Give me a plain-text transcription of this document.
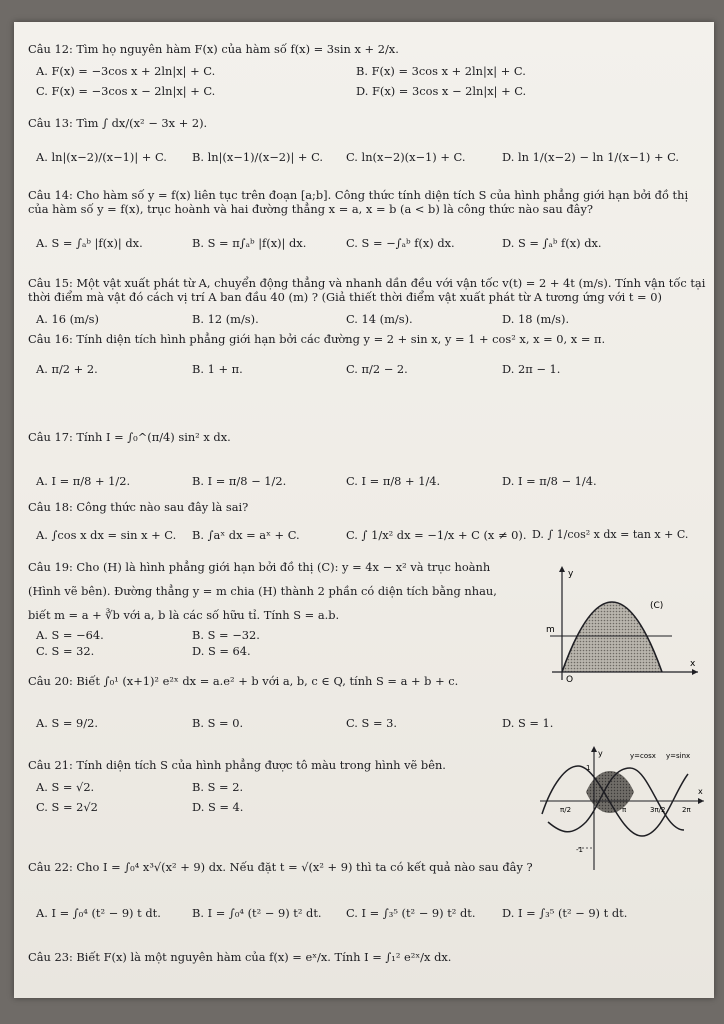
Câu 12: Tìm họ nguyên hàm F(x) của hàm số f(x) = 3sin x + 2/x.
A. F(x) = −3cos x + 2ln|x| + C.	B. F(x) = 3cos x + 2ln|x| + C.
C. F(x) = −3cos x − 2ln|x| + C.	D. F(x) = 3cos x − 2ln|x| + C.
Câu 13: Tìm ∫ dx/(x² − 3x + 2).
A. ln|(x−2)/(x−1)| + C. B. ln|(x−1)/(x−2)| + C. C. ln(x−2)(x−1) + C.	D. ln 1/(x−2) − ln 1/(x−1) + C.
Câu 14: Cho hàm số y = f(x) liên tục trên đoạn [a;b]. Công thức tính diện tích S của hình phẳng giới hạn bởi đồ thị của hàm số y = f(x), trục hoành và hai đường thẳng x = a, x = b (a < b) là công thức nào sau đây?
A. S = ∫ₐᵇ |f(x)| dx.	B. S = π∫ₐᵇ |f(x)| dx.	C. S = −∫ₐᵇ f(x) dx.	D. S = ∫ₐᵇ f(x) dx.
Câu 15: Một vật xuất phát từ A, chuyển động thẳng và nhanh dần đều với vận tốc v(t) = 2 + 4t (m/s). Tính vận tốc tại thời điểm mà vật đó cách vị trí A ban đầu 40 (m) ? (Giả thiết thời điểm vật xuất phát từ A tương ứng với t = 0)
A. 16 (m/s)	B. 12 (m/s).	C. 14 (m/s).	D. 18 (m/s).
Câu 16: Tính diện tích hình phẳng giới hạn bởi các đường y = 2 + sin x, y = 1 + cos² x, x = 0, x = π.
A. π/2 + 2.	B. 1 + π.	C. π/2 − 2.	D. 2π − 1.
Câu 17: Tính I = ∫₀^(π/4) sin² x dx.
A. I = π/8 + 1/2.	B. I = π/8 − 1/2.	C. I = π/8 + 1/4.	D. I = π/8 − 1/4.
Câu 18: Công thức nào sau đây là sai?
A. ∫cos x dx = sin x + C. B. ∫aˣ dx = aˣ + C.	C. ∫ 1/x² dx = −1/x + C (x ≠ 0). D. ∫ 1/cos² x dx = tan x + C.
Câu 19: Cho (H) là hình phẳng giới hạn bởi đồ thị (C): y = 4x − x² và trục hoành
(Hình vẽ bên). Đường thẳng y = m chia (H) thành 2 phần có diện tích bằng nhau,
biết m = a + ∛b với a, b là các số hữu tỉ. Tính S = a.b.
A. S = −64.	B. S = −32.
C. S = 32.	D. S = 64.
y
x
(C)
m
O
Câu 20: Biết ∫₀¹ (x+1)² e²ˣ dx = a.e² + b với a, b, c ∈ Q, tính S = a + b + c.
A. S = 9/2.	B. S = 0.	C. S = 3.	D. S = 1.
Câu 21: Tính diện tích S của hình phẳng được tô màu trong hình vẽ bên.
A. S = √2.	B. S = 2.
C. S = 2√2	D. S = 4.
y
x
y=cosx y=sinx
1
-1
π/2	π	3π/2 2π
Câu 22: Cho I = ∫₀⁴ x³√(x² + 9) dx. Nếu đặt t = √(x² + 9) thì ta có kết quả nào sau đây ?
A. I = ∫₀⁴ (t² − 9) t dt.	B. I = ∫₀⁴ (t² − 9) t² dt. C. I = ∫₃⁵ (t² − 9) t² dt. D. I = ∫₃⁵ (t² − 9) t dt.
Câu 23: Biết F(x) là một nguyên hàm của f(x) = eˣ/x. Tính I = ∫₁² e²ˣ/x dx.
